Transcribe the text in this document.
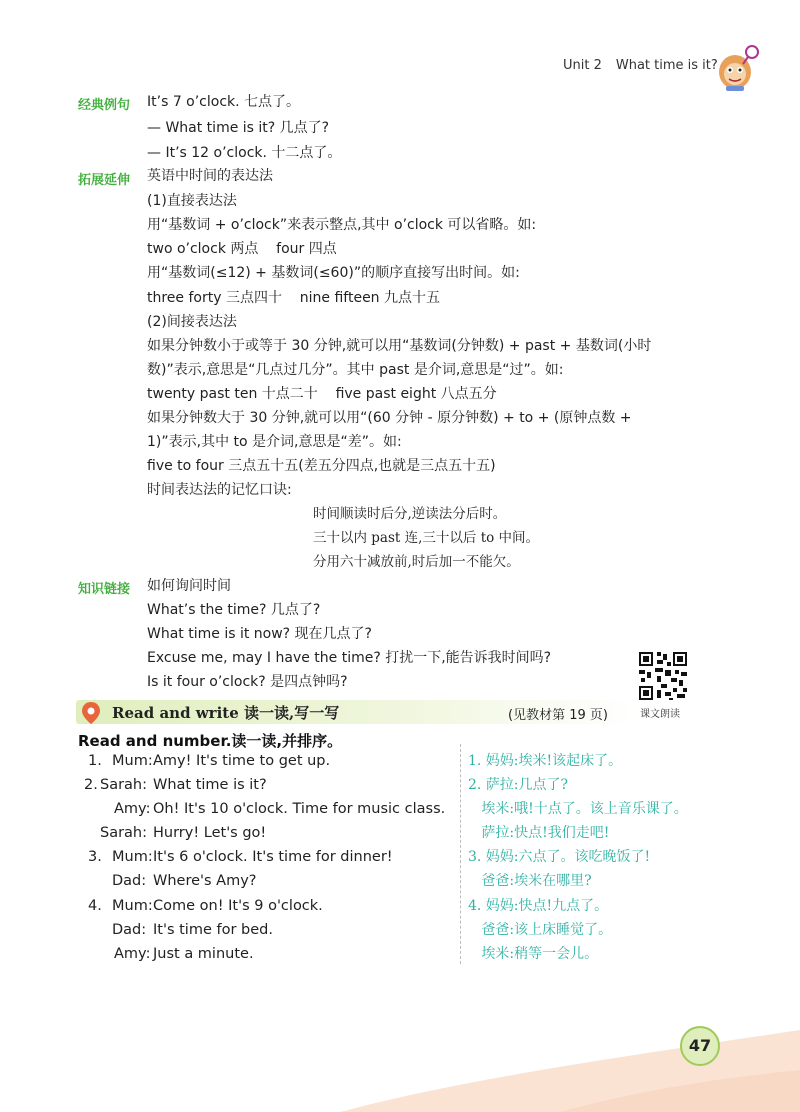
Unit 2 What time is it?
经典例句 It’s 7 o’clock. 七点了。
— What time is it? 几点了?
— It’s 12 o’clock. 十二点了。
拓展延伸 英语中时间的表达法
(1)直接表达法
用“基数词 + o’clock”来表示整点,其中 o’clock 可以省略。如:
two o’clock 两点    four 四点
用“基数词(≤12) + 基数词(≤60)”的顺序直接写出时间。如:
three forty 三点四十    nine fifteen 九点十五
(2)间接表达法
如果分钟数小于或等于 30 分钟,就可以用“基数词(分钟数) + past + 基数词(小时
数)”表示,意思是“几点过几分”。其中 past 是介词,意思是“过”。如:
twenty past ten 十点二十    five past eight 八点五分
如果分钟数大于 30 分钟,就可以用“(60 分钟 - 原分钟数) + to + (原钟点数 +
1)”表示,其中 to 是介词,意思是“差”。如:
five to four 三点五十五(差五分四点,也就是三点五十五)
时间表达法的记忆口诀:
时间顺读时后分,逆读法分后时。
三十以内 past 连,三十以后 to 中间。
分用六十减放前,时后加一不能欠。
知识链接 如何询问时间
What’s the time? 几点了?
What time is it now? 现在几点了?
Excuse me, may I have the time? 打扰一下,能告诉我时间吗?
Is it four o’clock? 是四点钟吗?
课文朗读
Read and write 读一读,写一写	(见教材第 19 页)
Read and number.读一读,并排序。
1. Mum: Amy! It's time to get up.
2. Sarah: What time is it?
Amy: Oh! It's 10 o'clock. Time for music class.
Sarah: Hurry! Let's go!
3. Mum: It's 6 o'clock. It's time for dinner!
Dad: Where's Amy?
4. Mum: Come on! It's 9 o'clock.
Dad: It's time for bed.
Amy: Just a minute.
1. 妈妈:埃米!该起床了。
2. 萨拉:几点了?
埃米:哦!十点了。该上音乐课了。
萨拉:快点!我们走吧!
3. 妈妈:六点了。该吃晚饭了!
爸爸:埃米在哪里?
4. 妈妈:快点!九点了。
爸爸:该上床睡觉了。
埃米:稍等一会儿。
47
